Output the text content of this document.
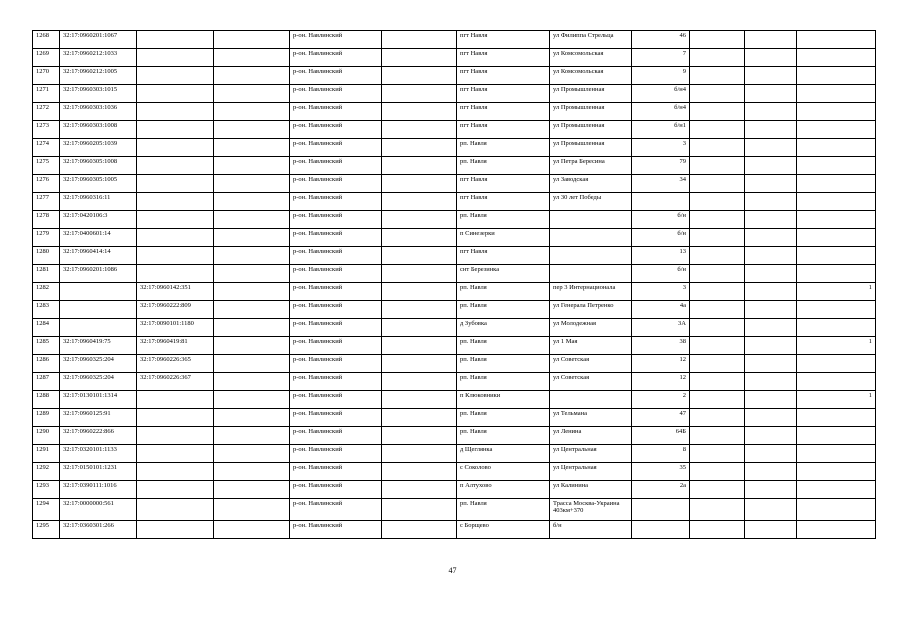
1268	32:17:0960201:1067			р-он. Навлинский		пгт Навля	ул Филиппа Стрельца	46			
1269	32:17:0960212:1033			р-он. Навлинский		пгт Навля	ул Комсомольская	7			
1270	32:17:0960212:1005			р-он. Навлинский		пгт Навля	ул Комсомольская	9			
1271	32:17:0960303:1015			р-он. Навлинский		пгт Навля	ул Промышленная	б/н4			
1272	32:17:0960303:1036			р-он. Навлинский		пгт Навля	ул Промышленная	б/н4			
1273	32:17:0960303:1008			р-он. Навлинский		пгт Навля	ул Промышленная	б/н1			
1274	32:17:0960205:1039			р-он. Навлинский		рп. Навля	ул Промышленная	3			
1275	32:17:0960305:1008			р-он. Навлинский		рп. Навля	ул Петра Бересина	79			
1276	32:17:0960305:1005			р-он. Навлинский		пгт Навля	ул Заводская	34			
1277	32:17:0960316:11			р-он. Навлинский		пгт Навля	ул 30 лет Победы				
1278	32:17:0420106:3			р-он. Навлинский		рп. Навля		б/н			
1279	32:17:0400601:14			р-он. Навлинский		п Синезерки		б/н			
1280	32:17:0960414:14			р-он. Навлинский		пгт Навля		13			
1281	32:17:0960201:1086			р-он. Навлинский		снт Березинка		б/н			
1282		32:17:0960142:351		р-он. Навлинский		рп. Навля	пер 3 Интернационала	3			1
1283		32:17:0960222:809		р-он. Навлинский		рп. Навля	ул Генерала Петренко	4а			
1284		32:17:0090101:1180		р-он. Навлинский		д Зубовка	ул Молодежная	3А			
1285	32:17:0960419:75	32:17:0960419:81		р-он. Навлинский		рп. Навля	ул 1 Мая	38			1
1286	32:17:0960325:204	32:17:0960226:365		р-он. Навлинский		рп. Навля	ул Советская	12			
1287	32:17:0960325:204	32:17:0960226:367		р-он. Навлинский		рп. Навля	ул Советская	12			
1288	32:17:0130101:1314			р-он. Навлинский		п Клюковники		2			1
1289	32:17:0960125:91			р-он. Навлинский		рп. Навля	ул Тельмана	47			
1290	32:17:0960222:866			р-он. Навлинский		рп. Навля	ул Ленина	64Б			
1291	32:17:0320101:1133			р-он. Навлинский		д Щеглянка	ул Центральная	8			
1292	32:17:0150101:1231			р-он. Навлинский		с Соколово	ул Центральная	35			
1293	32:17:0390111:1016			р-он. Навлинский		п Алтухово	ул Калинина	2а			
1294	32:17:0000000:561			р-он. Навлинский		рп. Навля	Трасса Москва-Украина 403км+370				
1295	32:17:0360301:266			р-он. Навлинский		с Борщево	б/н				
47
